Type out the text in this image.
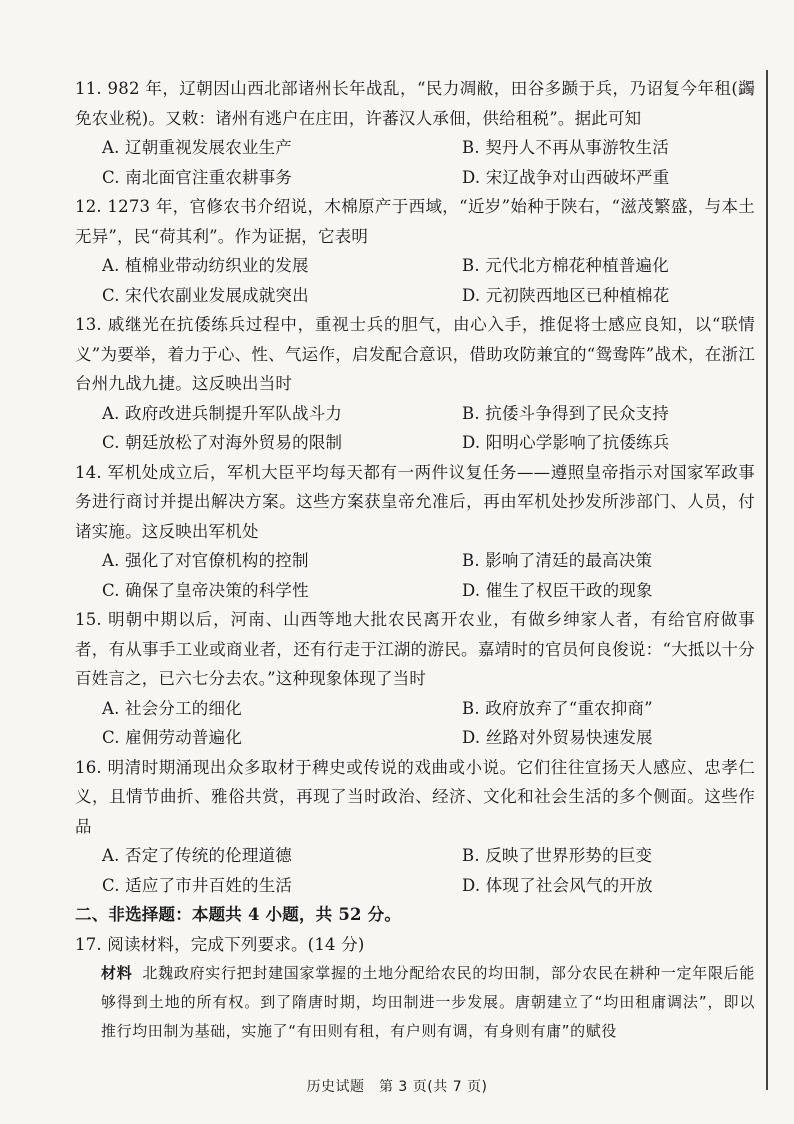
11. 982 年，辽朝因山西北部诸州长年战乱，“民力凋敝，田谷多踬于兵，乃诏复今年租(蠲免农业税)。又敕：诸州有逃户在庄田，许蕃汉人承佃，供给租税”。据此可知
A. 辽朝重视发展农业生产	B. 契丹人不再从事游牧生活
C. 南北面官注重农耕事务	D. 宋辽战争对山西破坏严重
12. 1273 年，官修农书介绍说，木棉原产于西域，“近岁”始种于陕右，“滋茂繁盛，与本土无异”，民“荷其利”。作为证据，它表明
A. 植棉业带动纺织业的发展	B. 元代北方棉花种植普遍化
C. 宋代农副业发展成就突出	D. 元初陕西地区已种植棉花
13. 戚继光在抗倭练兵过程中，重视士兵的胆气，由心入手，推促将士感应良知，以“联情义”为要举，着力于心、性、气运作，启发配合意识，借助攻防兼宜的“鸳鸯阵”战术，在浙江台州九战九捷。这反映出当时
A. 政府改进兵制提升军队战斗力	B. 抗倭斗争得到了民众支持
C. 朝廷放松了对海外贸易的限制	D. 阳明心学影响了抗倭练兵
14. 军机处成立后，军机大臣平均每天都有一两件议复任务——遵照皇帝指示对国家军政事务进行商讨并提出解决方案。这些方案获皇帝允准后，再由军机处抄发所涉部门、人员，付诸实施。这反映出军机处
A. 强化了对官僚机构的控制	B. 影响了清廷的最高决策
C. 确保了皇帝决策的科学性	D. 催生了权臣干政的现象
15. 明朝中期以后，河南、山西等地大批农民离开农业，有做乡绅家人者，有给官府做事者，有从事手工业或商业者，还有行走于江湖的游民。嘉靖时的官员何良俊说：“大抵以十分百姓言之，已六七分去农。”这种现象体现了当时
A. 社会分工的细化	B. 政府放弃了“重农抑商”
C. 雇佣劳动普遍化	D. 丝路对外贸易快速发展
16. 明清时期涌现出众多取材于稗史或传说的戏曲或小说。它们往往宣扬天人感应、忠孝仁义，且情节曲折、雅俗共赏，再现了当时政治、经济、文化和社会生活的多个侧面。这些作品
A. 否定了传统的伦理道德	B. 反映了世界形势的巨变
C. 适应了市井百姓的生活	D. 体现了社会风气的开放
二、非选择题：本题共 4 小题，共 52 分。
17. 阅读材料，完成下列要求。(14 分)
材料 北魏政府实行把封建国家掌握的土地分配给农民的均田制，部分农民在耕种一定年限后能够得到土地的所有权。到了隋唐时期，均田制进一步发展。唐朝建立了“均田租庸调法”，即以推行均田制为基础，实施了“有田则有租，有户则有调，有身则有庸”的赋役
历史试题　第 3 页(共 7 页)
